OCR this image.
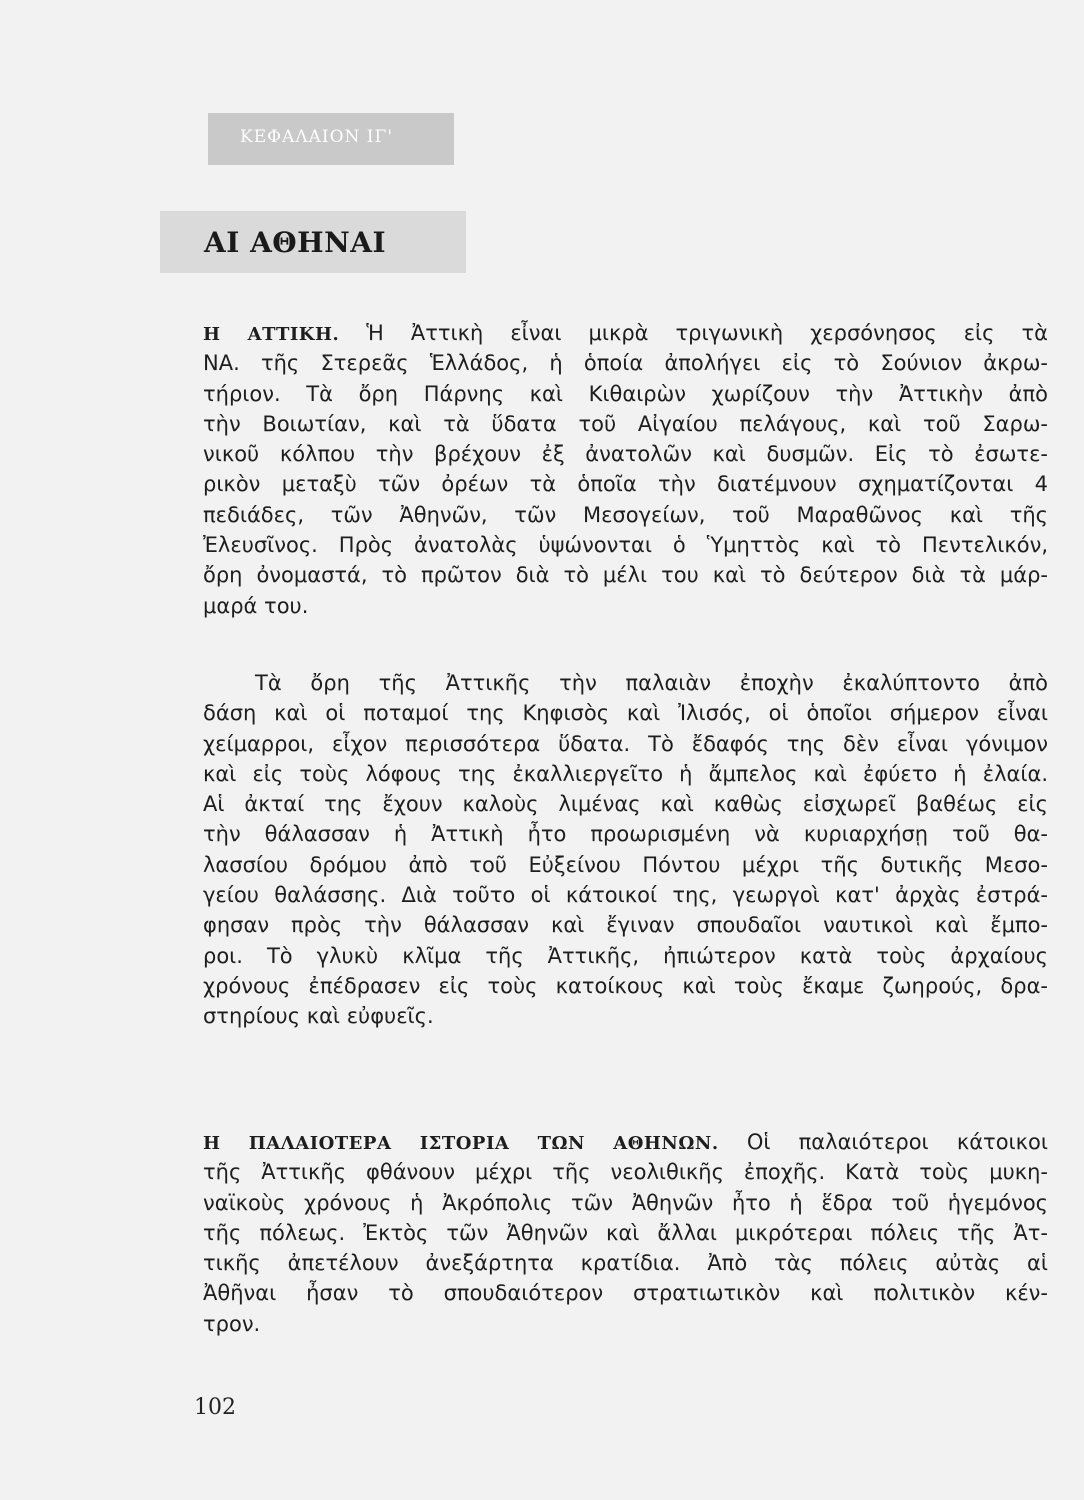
ΚΕΦΑΛΑΙΟΝ ΙΓ'
ΑΙ ΑΘΗΝΑΙ
Η ΑΤΤΙΚΗ. Ἡ Ἀττικὴ εἶναι μικρὰ τριγωνικὴ χερσόνησος εἰς τὰ
ΝΑ. τῆς Στερεᾶς Ἑλλάδος, ἡ ὁποία ἀπολήγει εἰς τὸ Σούνιον ἀκρω-
τήριον. Τὰ ὄρη Πάρνης καὶ Κιθαιρὼν χωρίζουν τὴν Ἀττικὴν ἀπὸ
τὴν Βοιωτίαν, καὶ τὰ ὕδατα τοῦ Αἰγαίου πελάγους, καὶ τοῦ Σαρω-
νικοῦ κόλπου τὴν βρέχουν ἐξ ἀνατολῶν καὶ δυσμῶν. Εἰς τὸ ἐσωτε-
ρικὸν μεταξὺ τῶν ὀρέων τὰ ὁποῖα τὴν διατέμνουν σχηματίζονται 4
πεδιάδες, τῶν Ἀθηνῶν, τῶν Μεσογείων, τοῦ Μαραθῶνος καὶ τῆς
Ἐλευσῖνος. Πρὸς ἀνατολὰς ὑψώνονται ὁ Ὑμηττὸς καὶ τὸ Πεντελικόν,
ὄρη ὀνομαστά, τὸ πρῶτον διὰ τὸ μέλι του καὶ τὸ δεύτερον διὰ τὰ μάρ-
μαρά του.
Τὰ ὄρη τῆς Ἀττικῆς τὴν παλαιὰν ἐποχὴν ἐκαλύπτοντο ἀπὸ
δάση καὶ οἱ ποταμοί της Κηφισὸς καὶ Ἰλισός, οἱ ὁποῖοι σήμερον εἶναι
χείμαρροι, εἶχον περισσότερα ὕδατα. Τὸ ἔδαφός της δὲν εἶναι γόνιμον
καὶ εἰς τοὺς λόφους της ἐκαλλιεργεῖτο ἡ ἄμπελος καὶ ἐφύετο ἡ ἐλαία.
Αἱ ἀκταί της ἔχουν καλοὺς λιμένας καὶ καθὼς εἰσχωρεῖ βαθέως εἰς
τὴν θάλασσαν ἡ Ἀττικὴ ἦτο προωρισμένη νὰ κυριαρχήσῃ τοῦ θα-
λασσίου δρόμου ἀπὸ τοῦ Εὐξείνου Πόντου μέχρι τῆς δυτικῆς Μεσο-
γείου θαλάσσης. Διὰ τοῦτο οἱ κάτοικοί της, γεωργοὶ κατ' ἀρχὰς ἐστρά-
φησαν πρὸς τὴν θάλασσαν καὶ ἔγιναν σπουδαῖοι ναυτικοὶ καὶ ἔμπο-
ροι. Τὸ γλυκὺ κλῖμα τῆς Ἀττικῆς, ἠπιώτερον κατὰ τοὺς ἀρχαίους
χρόνους ἐπέδρασεν εἰς τοὺς κατοίκους καὶ τοὺς ἔκαμε ζωηρούς, δρα-
στηρίους καὶ εὐφυεῖς.
Η ΠΑΛΑΙΟΤΕΡΑ ΙΣΤΟΡΙΑ ΤΩΝ ΑΘΗΝΩΝ. Οἱ παλαιότεροι κάτοικοι
τῆς Ἀττικῆς φθάνουν μέχρι τῆς νεολιθικῆς ἐποχῆς. Κατὰ τοὺς μυκη-
ναϊκοὺς χρόνους ἡ Ἀκρόπολις τῶν Ἀθηνῶν ἦτο ἡ ἕδρα τοῦ ἡγεμόνος
τῆς πόλεως. Ἐκτὸς τῶν Ἀθηνῶν καὶ ἄλλαι μικρότεραι πόλεις τῆς Ἀτ-
τικῆς ἀπετέλουν ἀνεξάρτητα κρατίδια. Ἀπὸ τὰς πόλεις αὐτὰς αἱ
Ἀθῆναι ἦσαν τὸ σπουδαιότερον στρατιωτικὸν καὶ πολιτικὸν κέν-
τρον.
102
